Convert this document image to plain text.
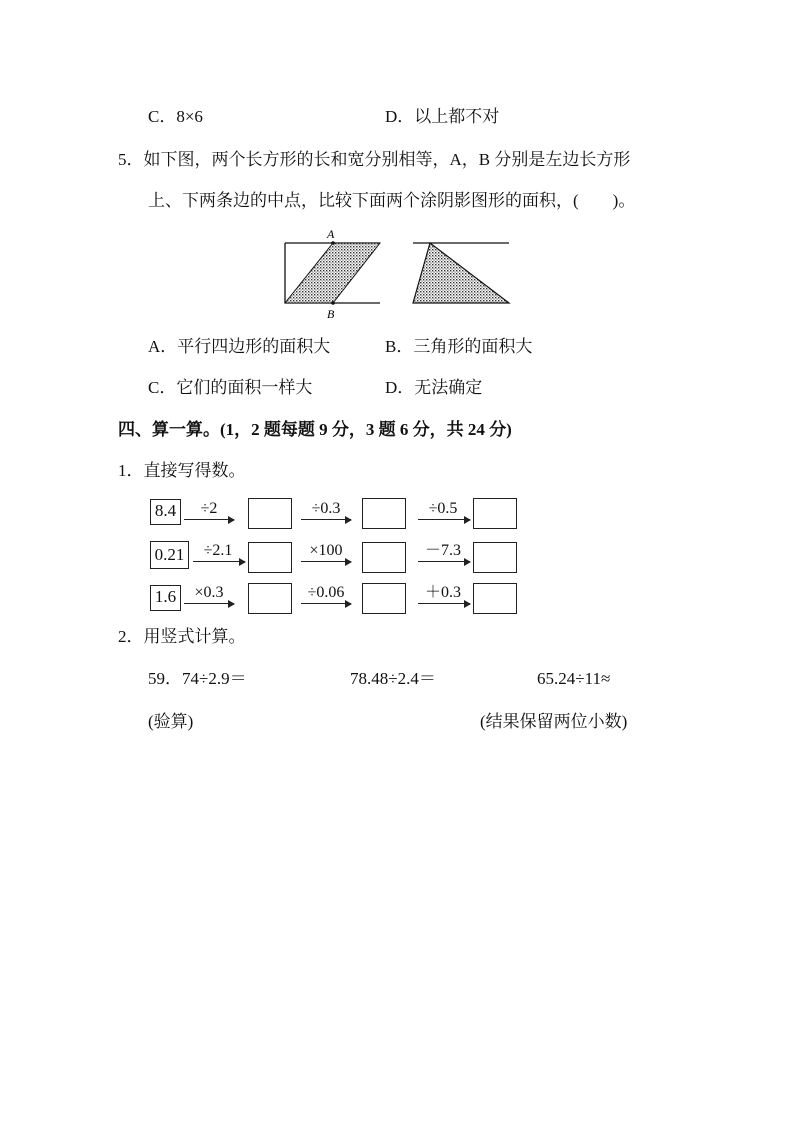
C．8×6	D．以上都不对
5．如下图，两个长方形的长和宽分别相等，A，B 分别是左边长方形
上、下两条边的中点，比较下面两个涂阴影图形的面积，(　　)。
A
B
A．平行四边形的面积大	B．三角形的面积大
C．它们的面积一样大	D．无法确定
四、算一算。(1，2 题每题 9 分，3 题 6 分，共 24 分)
1．直接写得数。
8.4	÷2	÷0.3	÷0.5
0.21	÷2.1	×100	－7.3
1.6	×0.3	÷0.06	＋0.3
2．用竖式计算。
59．74÷2.9＝	78.48÷2.4＝	65.24÷11≈
(验算)	(结果保留两位小数)
